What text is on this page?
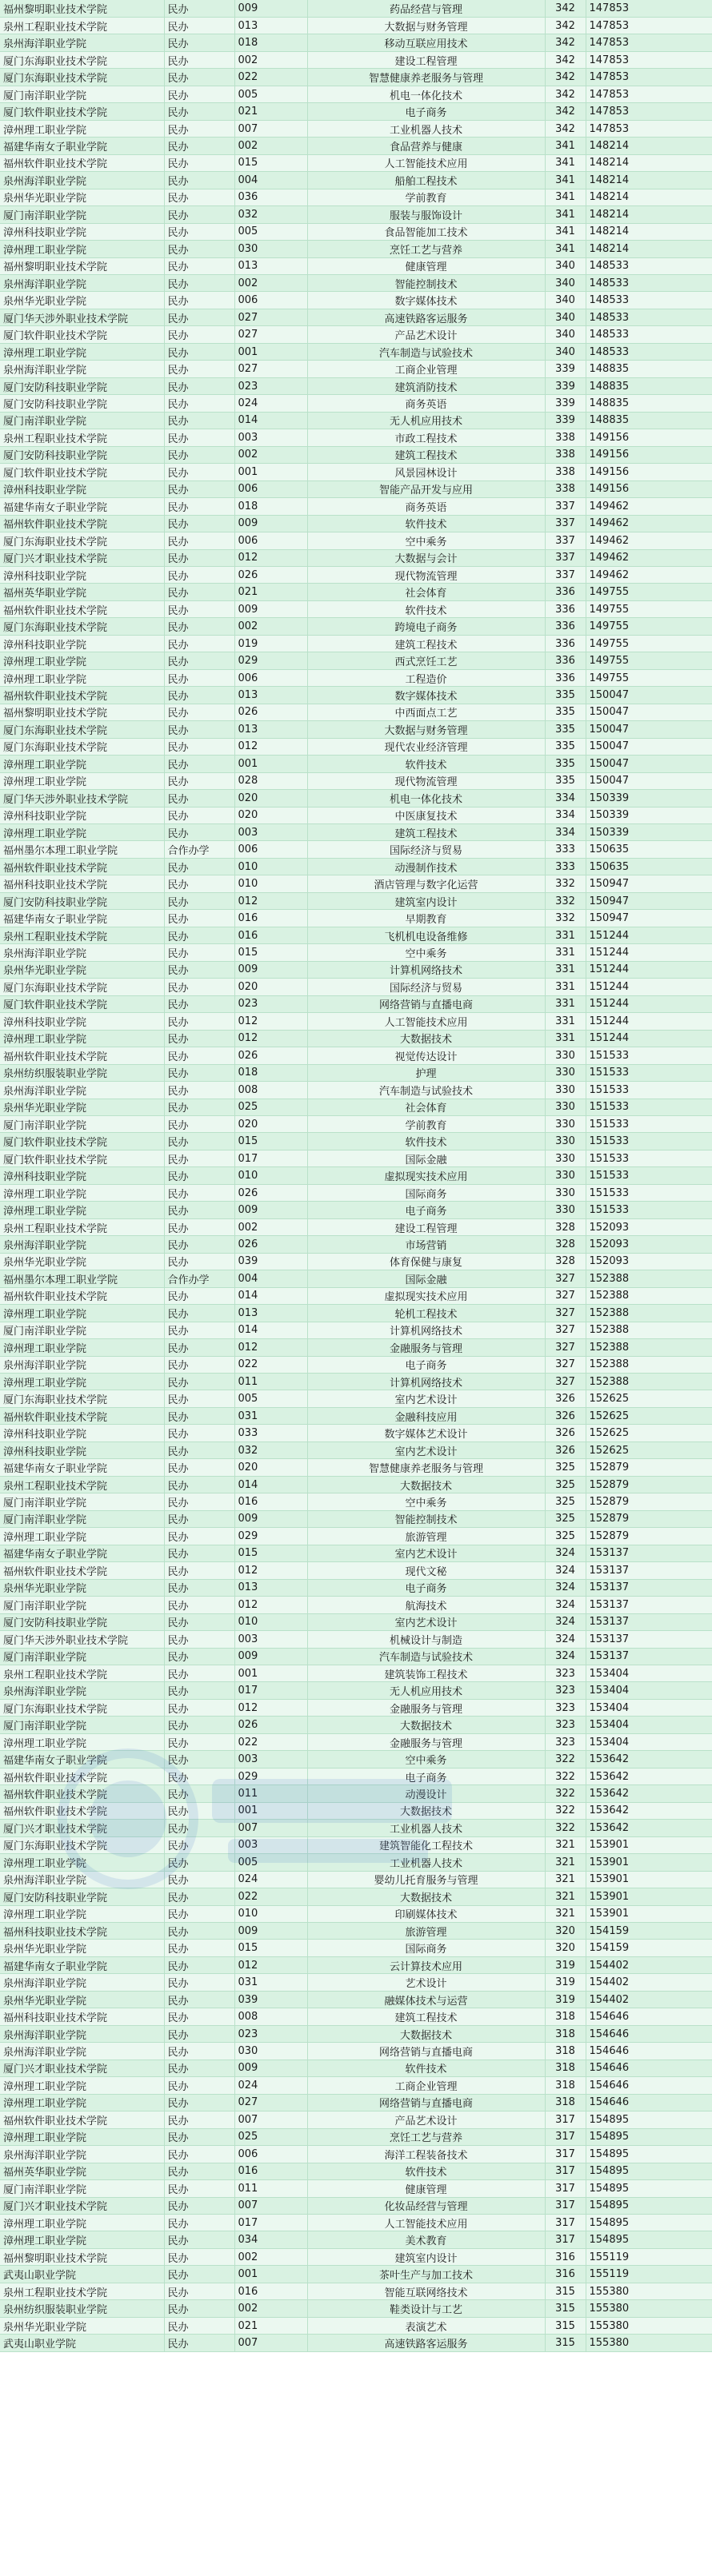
福州黎明职业技术学院	民办	009	药品经营与管理	342	147853
泉州工程职业技术学院	民办	013	大数据与财务管理	342	147853
泉州海洋职业学院	民办	018	移动互联应用技术	342	147853
厦门东海职业技术学院	民办	002	建设工程管理	342	147853
厦门东海职业技术学院	民办	022	智慧健康养老服务与管理	342	147853
厦门南洋职业学院	民办	005	机电一体化技术	342	147853
厦门软件职业技术学院	民办	021	电子商务	342	147853
漳州理工职业学院	民办	007	工业机器人技术	342	147853
福建华南女子职业学院	民办	002	食品营养与健康	341	148214
福州软件职业技术学院	民办	015	人工智能技术应用	341	148214
泉州海洋职业学院	民办	004	船舶工程技术	341	148214
泉州华光职业学院	民办	036	学前教育	341	148214
厦门南洋职业学院	民办	032	服装与服饰设计	341	148214
漳州科技职业学院	民办	005	食品智能加工技术	341	148214
漳州理工职业学院	民办	030	烹饪工艺与营养	341	148214
福州黎明职业技术学院	民办	013	健康管理	340	148533
泉州海洋职业学院	民办	002	智能控制技术	340	148533
泉州华光职业学院	民办	006	数字媒体技术	340	148533
厦门华天涉外职业技术学院	民办	027	高速铁路客运服务	340	148533
厦门软件职业技术学院	民办	027	产品艺术设计	340	148533
漳州理工职业学院	民办	001	汽车制造与试验技术	340	148533
泉州海洋职业学院	民办	027	工商企业管理	339	148835
厦门安防科技职业学院	民办	023	建筑消防技术	339	148835
厦门安防科技职业学院	民办	024	商务英语	339	148835
厦门南洋职业学院	民办	014	无人机应用技术	339	148835
泉州工程职业技术学院	民办	003	市政工程技术	338	149156
厦门安防科技职业学院	民办	002	建筑工程技术	338	149156
厦门软件职业技术学院	民办	001	风景园林设计	338	149156
漳州科技职业学院	民办	006	智能产品开发与应用	338	149156
福建华南女子职业学院	民办	018	商务英语	337	149462
福州软件职业技术学院	民办	009	软件技术	337	149462
厦门东海职业技术学院	民办	006	空中乘务	337	149462
厦门兴才职业技术学院	民办	012	大数据与会计	337	149462
漳州科技职业学院	民办	026	现代物流管理	337	149462
福州英华职业学院	民办	021	社会体育	336	149755
福州软件职业技术学院	民办	009	软件技术	336	149755
厦门东海职业技术学院	民办	002	跨境电子商务	336	149755
漳州科技职业学院	民办	019	建筑工程技术	336	149755
漳州理工职业学院	民办	029	西式烹饪工艺	336	149755
漳州理工职业学院	民办	006	工程造价	336	149755
福州软件职业技术学院	民办	013	数字媒体技术	335	150047
福州黎明职业技术学院	民办	026	中西面点工艺	335	150047
厦门东海职业技术学院	民办	013	大数据与财务管理	335	150047
厦门东海职业技术学院	民办	012	现代农业经济管理	335	150047
漳州理工职业学院	民办	001	软件技术	335	150047
漳州理工职业学院	民办	028	现代物流管理	335	150047
厦门华天涉外职业技术学院	民办	020	机电一体化技术	334	150339
漳州科技职业学院	民办	020	中医康复技术	334	150339
漳州理工职业学院	民办	003	建筑工程技术	334	150339
福州墨尔本理工职业学院	合作办学	006	国际经济与贸易	333	150635
福州软件职业技术学院	民办	010	动漫制作技术	333	150635
福州科技职业技术学院	民办	010	酒店管理与数字化运营	332	150947
厦门安防科技职业学院	民办	012	建筑室内设计	332	150947
福建华南女子职业学院	民办	016	早期教育	332	150947
泉州工程职业技术学院	民办	016	飞机机电设备维修	331	151244
泉州海洋职业学院	民办	015	空中乘务	331	151244
泉州华光职业学院	民办	009	计算机网络技术	331	151244
厦门东海职业技术学院	民办	020	国际经济与贸易	331	151244
厦门软件职业技术学院	民办	023	网络营销与直播电商	331	151244
漳州科技职业学院	民办	012	人工智能技术应用	331	151244
漳州理工职业学院	民办	012	大数据技术	331	151244
福州软件职业技术学院	民办	026	视觉传达设计	330	151533
泉州纺织服装职业学院	民办	018	护理	330	151533
泉州海洋职业学院	民办	008	汽车制造与试验技术	330	151533
泉州华光职业学院	民办	025	社会体育	330	151533
厦门南洋职业学院	民办	020	学前教育	330	151533
厦门软件职业技术学院	民办	015	软件技术	330	151533
厦门软件职业技术学院	民办	017	国际金融	330	151533
漳州科技职业学院	民办	010	虚拟现实技术应用	330	151533
漳州理工职业学院	民办	026	国际商务	330	151533
漳州理工职业学院	民办	009	电子商务	330	151533
泉州工程职业技术学院	民办	002	建设工程管理	328	152093
泉州海洋职业学院	民办	026	市场营销	328	152093
泉州华光职业学院	民办	039	体育保健与康复	328	152093
福州墨尔本理工职业学院	合作办学	004	国际金融	327	152388
福州软件职业技术学院	民办	014	虚拟现实技术应用	327	152388
漳州理工职业学院	民办	013	轮机工程技术	327	152388
厦门南洋职业学院	民办	014	计算机网络技术	327	152388
漳州理工职业学院	民办	012	金融服务与管理	327	152388
泉州海洋职业学院	民办	022	电子商务	327	152388
漳州理工职业学院	民办	011	计算机网络技术	327	152388
厦门东海职业技术学院	民办	005	室内艺术设计	326	152625
福州软件职业技术学院	民办	031	金融科技应用	326	152625
漳州科技职业学院	民办	033	数字媒体艺术设计	326	152625
漳州科技职业学院	民办	032	室内艺术设计	326	152625
福建华南女子职业学院	民办	020	智慧健康养老服务与管理	325	152879
泉州工程职业技术学院	民办	014	大数据技术	325	152879
厦门南洋职业学院	民办	016	空中乘务	325	152879
厦门南洋职业学院	民办	009	智能控制技术	325	152879
漳州理工职业学院	民办	029	旅游管理	325	152879
福建华南女子职业学院	民办	015	室内艺术设计	324	153137
福州软件职业技术学院	民办	012	现代文秘	324	153137
泉州华光职业学院	民办	013	电子商务	324	153137
厦门南洋职业学院	民办	012	航海技术	324	153137
厦门安防科技职业学院	民办	010	室内艺术设计	324	153137
厦门华天涉外职业技术学院	民办	003	机械设计与制造	324	153137
厦门南洋职业学院	民办	009	汽车制造与试验技术	324	153137
泉州工程职业技术学院	民办	001	建筑装饰工程技术	323	153404
泉州海洋职业学院	民办	017	无人机应用技术	323	153404
厦门东海职业技术学院	民办	012	金融服务与管理	323	153404
厦门南洋职业学院	民办	026	大数据技术	323	153404
漳州理工职业学院	民办	022	金融服务与管理	323	153404
福建华南女子职业学院	民办	003	空中乘务	322	153642
福州软件职业技术学院	民办	029	电子商务	322	153642
福州软件职业技术学院	民办	011	动漫设计	322	153642
福州软件职业技术学院	民办	001	大数据技术	322	153642
厦门兴才职业技术学院	民办	007	工业机器人技术	322	153642
厦门东海职业技术学院	民办	003	建筑智能化工程技术	321	153901
漳州理工职业学院	民办	005	工业机器人技术	321	153901
泉州海洋职业学院	民办	024	婴幼儿托育服务与管理	321	153901
厦门安防科技职业学院	民办	022	大数据技术	321	153901
漳州理工职业学院	民办	010	印刷媒体技术	321	153901
福州科技职业技术学院	民办	009	旅游管理	320	154159
泉州华光职业学院	民办	015	国际商务	320	154159
福建华南女子职业学院	民办	012	云计算技术应用	319	154402
泉州海洋职业学院	民办	031	艺术设计	319	154402
泉州华光职业学院	民办	039	融媒体技术与运营	319	154402
福州科技职业技术学院	民办	008	建筑工程技术	318	154646
泉州海洋职业学院	民办	023	大数据技术	318	154646
泉州海洋职业学院	民办	030	网络营销与直播电商	318	154646
厦门兴才职业技术学院	民办	009	软件技术	318	154646
漳州理工职业学院	民办	024	工商企业管理	318	154646
漳州理工职业学院	民办	027	网络营销与直播电商	318	154646
福州软件职业技术学院	民办	007	产品艺术设计	317	154895
漳州理工职业学院	民办	025	烹饪工艺与营养	317	154895
泉州海洋职业学院	民办	006	海洋工程装备技术	317	154895
福州英华职业学院	民办	016	软件技术	317	154895
厦门南洋职业学院	民办	011	健康管理	317	154895
厦门兴才职业技术学院	民办	007	化妆品经营与管理	317	154895
漳州理工职业学院	民办	017	人工智能技术应用	317	154895
漳州理工职业学院	民办	034	美术教育	317	154895
福州黎明职业技术学院	民办	002	建筑室内设计	316	155119
武夷山职业学院	民办	001	茶叶生产与加工技术	316	155119
泉州工程职业技术学院	民办	016	智能互联网络技术	315	155380
泉州纺织服装职业学院	民办	002	鞋类设计与工艺	315	155380
泉州华光职业学院	民办	021	表演艺术	315	155380
武夷山职业学院	民办	007	高速铁路客运服务	315	155380
